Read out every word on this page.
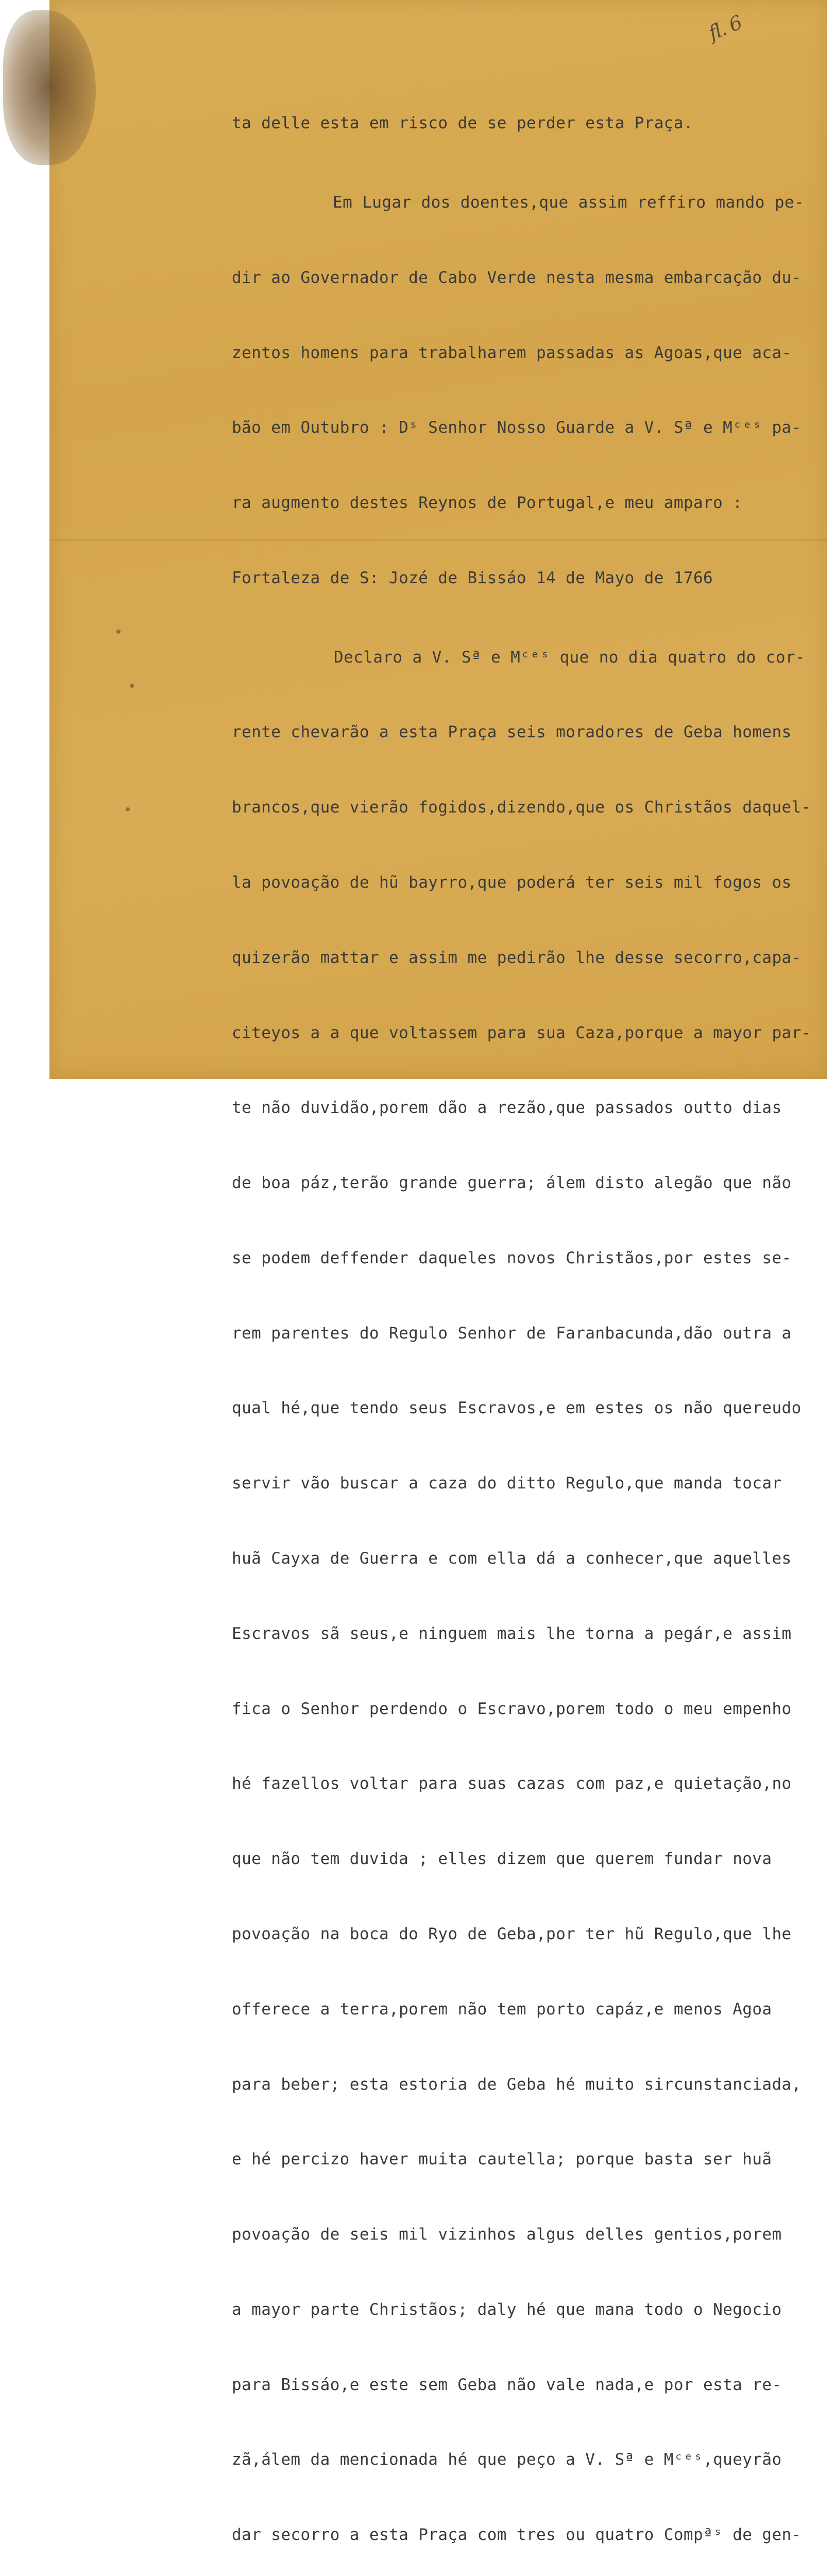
fl. 6

ta delle esta em risco de se perder esta Praça.

Em Lugar dos doentes,que assim reffiro mando pe-

dir ao Governador de Cabo Verde nesta mesma embarcação du-

zentos homens para trabalharem passadas as Agoas,que aca-

bão em Outubro : Dˢ Senhor Nosso Guarde a V. Sª e Mᶜᵉˢ pa-

ra augmento destes Reynos de Portugal,e meu amparo :

Fortaleza de S: Jozé de Bissáo 14 de Mayo de 1766

Declaro a V. Sª e Mᶜᵉˢ que no dia quatro do cor-

rente chevarão a esta Praça seis moradores de Geba homens

brancos,que vierão fogidos,dizendo,que os Christãos daquel-

la povoação de hũ bayrro,que poderá ter seis mil fogos os

quizerão mattar e assim me pedirão lhe desse secorro,capa-

citeyos a a que voltassem para sua Caza,porque a mayor par-

te não duvidão,porem dão a rezão,que passados outto dias

de boa páz,terão grande guerra; álem disto alegão que não

se podem deffender daqueles novos Christãos,por estes se-

rem parentes do Regulo Senhor de Faranbacunda,dão outra a

qual hé,que tendo seus Escravos,e em estes os não quereudo

servir vão buscar a caza do ditto Regulo,que manda tocar

huã Cayxa de Guerra e com ella dá a conhecer,que aquelles

Escravos sã seus,e ninguem mais lhe torna a pegár,e assim

fica o Senhor perdendo o Escravo,porem todo o meu empenho

hé fazellos voltar para suas cazas com paz,e quietação,no

que não tem duvida ; elles dizem que querem fundar nova

povoação na boca do Ryo de Geba,por ter hũ Regulo,que lhe

offerece a terra,porem não tem porto capáz,e menos Agoa

para beber; esta estoria de Geba hé muito sircunstanciada,

e hé percizo haver muita cautella; porque basta ser huã

povoação de seis mil vizinhos algus delles gentios,porem

a mayor parte Christãos; daly hé que mana todo o Negocio

para Bissáo,e este sem Geba não vale nada,e por esta re-

zã,álem da mencionada hé que peço a V. Sª e Mᶜᵉˢ,queyrão

dar secorro a esta Praça com tres ou quatro Compªˢ de gen-
